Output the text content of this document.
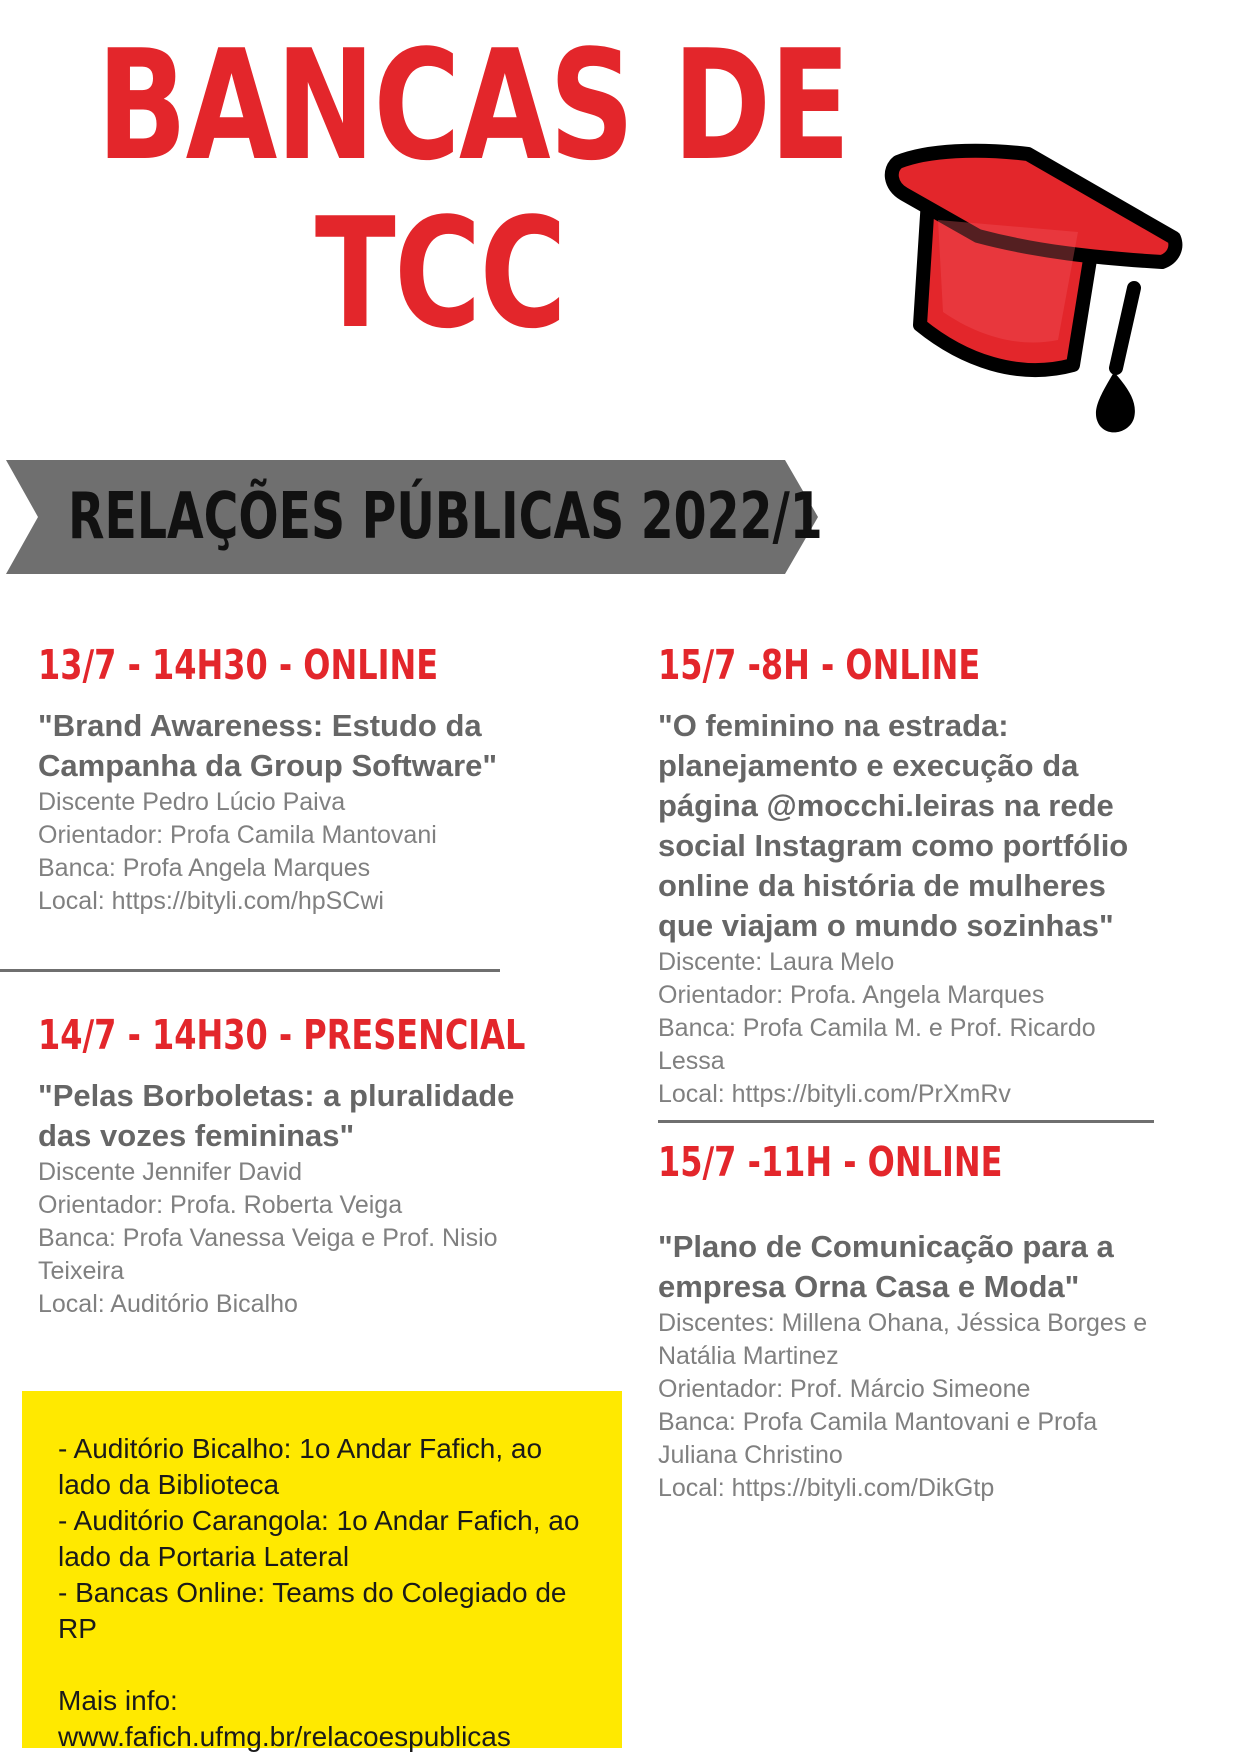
BANCAS DE
TCC
RELAÇÕES PÚBLICAS 2022/1
13/7 - 14H30 - ONLINE
"Brand Awareness: Estudo da Campanha da Group Software"
Discente Pedro Lúcio Paiva
Orientador: Profa Camila Mantovani
Banca: Profa Angela Marques
Local: https://bityli.com/hpSCwi
14/7 - 14H30 - PRESENCIAL
"Pelas Borboletas: a pluralidade das vozes femininas"
Discente Jennifer David
Orientador: Profa. Roberta Veiga
Banca: Profa Vanessa Veiga e Prof. Nisio Teixeira
Local: Auditório Bicalho
15/7 -8H - ONLINE
"O feminino na estrada: planejamento e execução da página @mocchi.leiras na rede social Instagram como portfólio online da história de mulheres que viajam o mundo sozinhas"
Discente: Laura Melo
Orientador: Profa. Angela Marques
Banca: Profa Camila M. e Prof. Ricardo Lessa
Local: https://bityli.com/PrXmRv
15/7 -11H - ONLINE
"Plano de Comunicação para a empresa Orna Casa e Moda"
Discentes: Millena Ohana, Jéssica Borges e Natália Martinez
Orientador: Prof. Márcio Simeone
Banca: Profa Camila Mantovani e Profa Juliana Christino
Local: https://bityli.com/DikGtp
- Auditório Bicalho: 1o Andar Fafich, ao lado da Biblioteca
- Auditório Carangola: 1o Andar Fafich, ao lado da Portaria Lateral
- Bancas Online: Teams do Colegiado de RP
Mais info:
www.fafich.ufmg.br/relacoespublicas
